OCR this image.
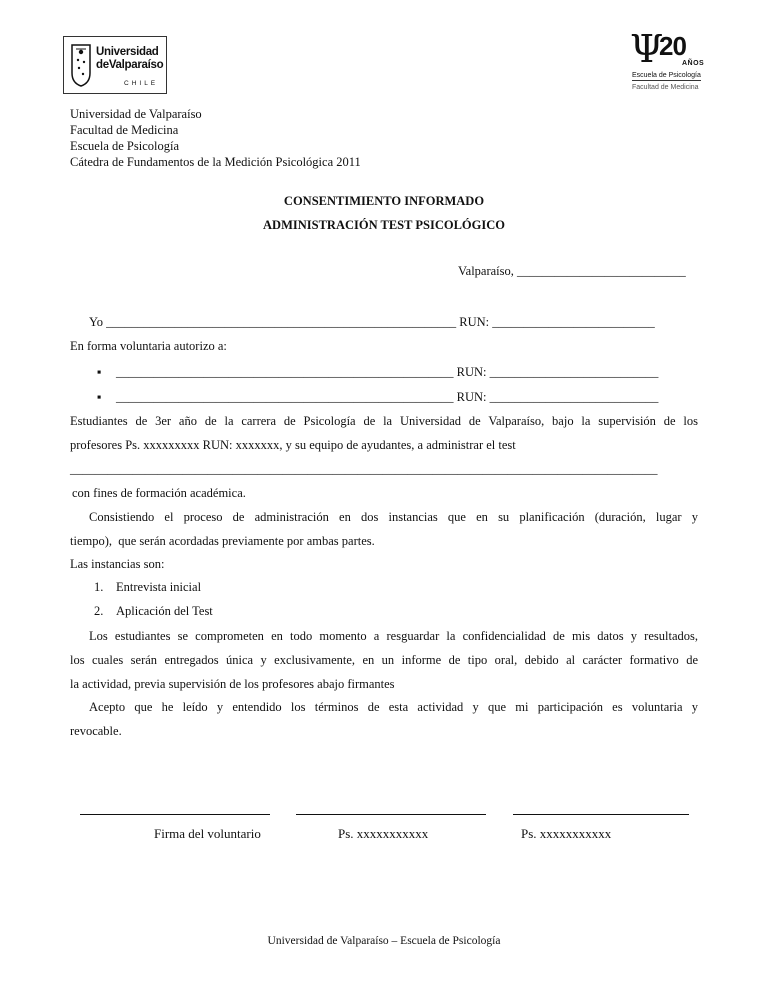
Universidad
deValparaíso
CHILE
Ψ
20
AÑOS
Escuela de Psicología
Facultad de Medicina
Universidad de Valparaíso
Facultad de Medicina
Escuela de Psicología
Cátedra de Fundamentos de la Medición Psicológica 2011
CONSENTIMIENTO INFORMADO
ADMINISTRACIÓN TEST PSICOLÓGICO
Valparaíso, ___________________________
Yo ________________________________________________________ RUN: __________________________
En forma voluntaria autorizo a:
▪ ______________________________________________________ RUN: ___________________________
▪ ______________________________________________________ RUN: ___________________________
Estudiantes de 3er año de la carrera de Psicología de la Universidad de Valparaíso, bajo la supervisión de los
profesores Ps. xxxxxxxxx RUN: xxxxxxx, y su equipo de ayudantes, a administrar el test
______________________________________________________________________________________________
con fines de formación académica.
Consistiendo el proceso de administración en dos instancias que en su planificación (duración, lugar y
tiempo),  que serán acordadas previamente por ambas partes.
Las instancias son:
1. Entrevista inicial
2. Aplicación del Test
Los estudiantes se comprometen en todo momento a resguardar la confidencialidad de mis datos y resultados,
los cuales serán entregados única y exclusivamente, en un informe de tipo oral, debido al carácter formativo de
la actividad, previa supervisión de los profesores abajo firmantes
Acepto que he leído y entendido los términos de esta actividad y que mi participación es voluntaria y
revocable.
Firma del voluntario	Ps. xxxxxxxxxxx	Ps. xxxxxxxxxxx
Universidad de Valparaíso – Escuela de Psicología
